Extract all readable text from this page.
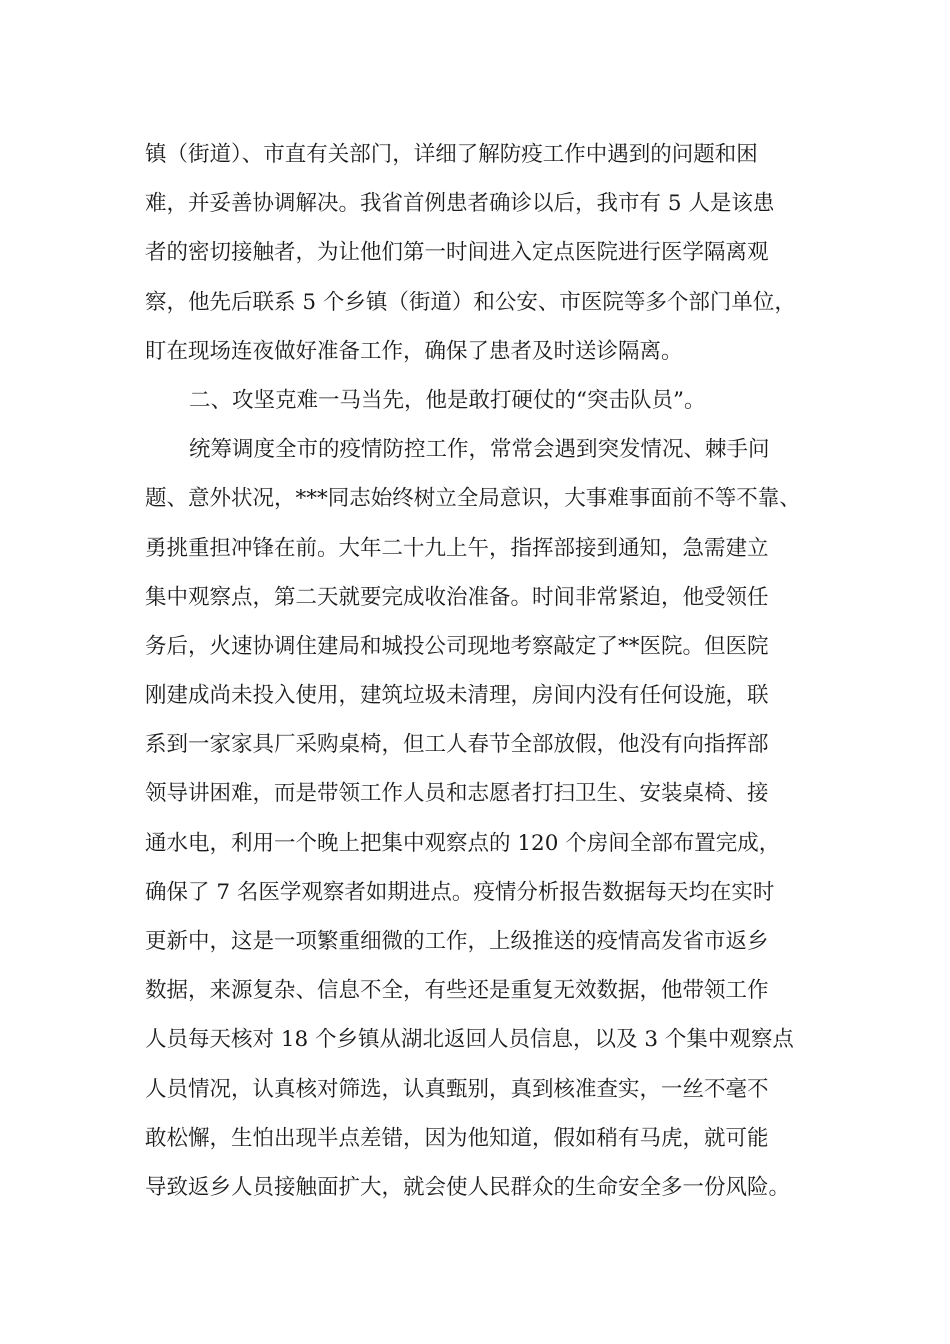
镇（街道）、市直有关部门，详细了解防疫工作中遇到的问题和困
难，并妥善协调解决。我省首例患者确诊以后，我市有 5 人是该患
者的密切接触者，为让他们第一时间进入定点医院进行医学隔离观
察，他先后联系 5 个乡镇（街道）和公安、市医院等多个部门单位，
盯在现场连夜做好准备工作，确保了患者及时送诊隔离。
二、攻坚克难一马当先，他是敢打硬仗的“突击队员”。
统筹调度全市的疫情防控工作，常常会遇到突发情况、棘手问
题、意外状况，***同志始终树立全局意识，大事难事面前不等不靠、
勇挑重担冲锋在前。大年二十九上午，指挥部接到通知，急需建立
集中观察点，第二天就要完成收治准备。时间非常紧迫，他受领任
务后，火速协调住建局和城投公司现地考察敲定了**医院。但医院
刚建成尚未投入使用，建筑垃圾未清理，房间内没有任何设施，联
系到一家家具厂采购桌椅，但工人春节全部放假，他没有向指挥部
领导讲困难，而是带领工作人员和志愿者打扫卫生、安装桌椅、接
通水电，利用一个晚上把集中观察点的 120 个房间全部布置完成，
确保了 7 名医学观察者如期进点。疫情分析报告数据每天均在实时
更新中，这是一项繁重细微的工作，上级推送的疫情高发省市返乡
数据，来源复杂、信息不全，有些还是重复无效数据，他带领工作
人员每天核对 18 个乡镇从湖北返回人员信息，以及 3 个集中观察点
人员情况，认真核对筛选，认真甄别，真到核准查实，一丝不毫不
敢松懈，生怕出现半点差错，因为他知道，假如稍有马虎，就可能
导致返乡人员接触面扩大，就会使人民群众的生命安全多一份风险。
